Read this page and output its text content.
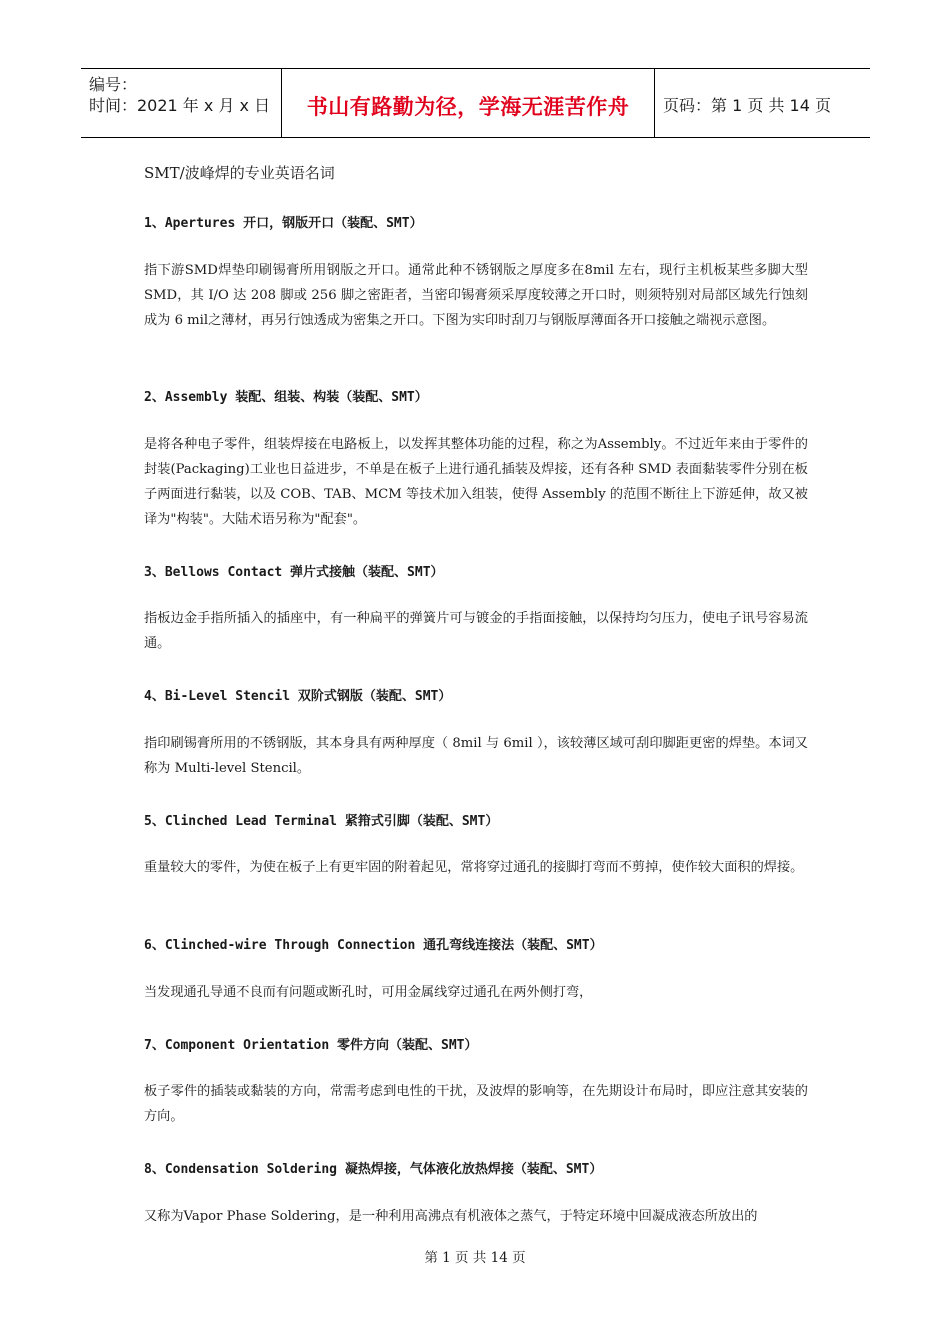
编号：
时间：2021 年 x 月 x 日	书山有路勤为径，学海无涯苦作舟	页码：第 1 页 共 14 页
SMT/波峰焊的专业英语名词
1、Apertures 开口，钢版开口（装配、SMT）
指下游SMD焊垫印刷锡膏所用钢版之开口。通常此种不锈钢版之厚度多在8mil 左右，现行主机板某些多脚大型SMD，其 I/O 达 208 脚或 256 脚之密距者，当密印锡膏须采厚度较薄之开口时，则须特别对局部区域先行蚀刻成为 6 mil之薄材，再另行蚀透成为密集之开口。下图为实印时刮刀与钢版厚薄面各开口接触之端视示意图。
2、Assembly 装配、组装、构装（装配、SMT）
是将各种电子零件，组装焊接在电路板上，以发挥其整体功能的过程，称之为Assembly。不过近年来由于零件的封装(Packaging)工业也日益进步，不单是在板子上进行通孔插装及焊接，还有各种 SMD 表面黏装零件分别在板子两面进行黏装，以及 COB、TAB、MCM 等技术加入组装，使得 Assembly 的范围不断往上下游延伸，故又被译为"构装"。大陆术语另称为"配套"。
3、Bellows Contact 弹片式接触（装配、SMT）
指板边金手指所插入的插座中，有一种扁平的弹簧片可与镀金的手指面接触，以保持均匀压力，使电子讯号容易流通。
4、Bi-Level Stencil 双阶式钢版（装配、SMT）
指印刷锡膏所用的不锈钢版，其本身具有两种厚度（ 8mil 与 6mil ），该较薄区域可刮印脚距更密的焊垫。本词又称为 Multi-level Stencil。
5、Clinched Lead Terminal 紧箝式引脚（装配、SMT）
重量较大的零件，为使在板子上有更牢固的附着起见，常将穿过通孔的接脚打弯而不剪掉，使作较大面积的焊接。
6、Clinched-wire Through Connection 通孔弯线连接法（装配、SMT）
当发现通孔导通不良而有问题或断孔时，可用金属线穿过通孔在两外侧打弯，
7、Component Orientation 零件方向（装配、SMT）
板子零件的插装或黏装的方向，常需考虑到电性的干扰，及波焊的影响等，在先期设计布局时，即应注意其安装的方向。
8、Condensation Soldering 凝热焊接，气体液化放热焊接（装配、SMT）
又称为Vapor Phase Soldering，是一种利用高沸点有机液体之蒸气，于特定环境中回凝成液态所放出的
第 1 页 共 14 页
